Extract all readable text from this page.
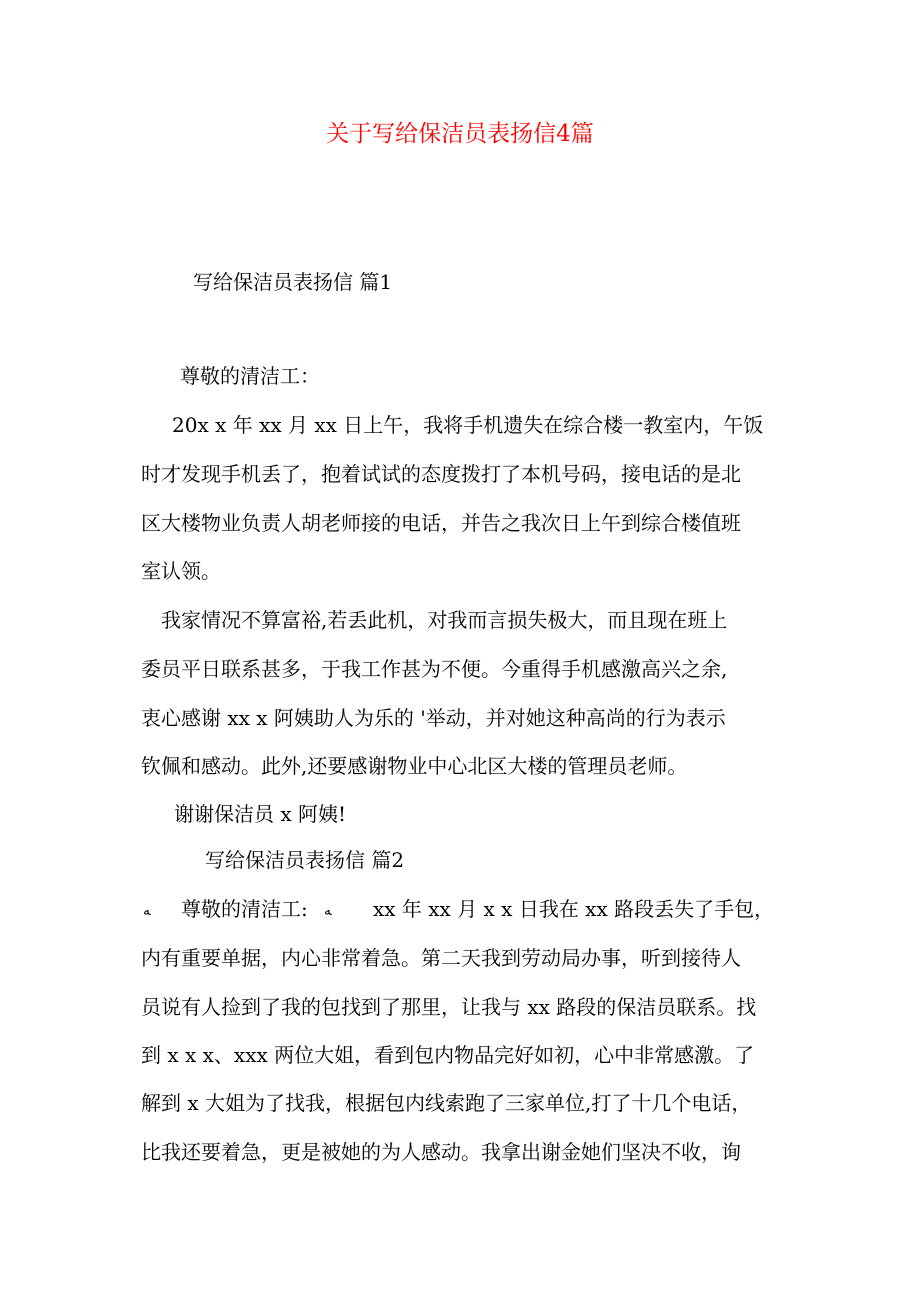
关于写给保洁员表扬信4篇
写给保洁员表扬信 篇1
尊敬的清洁工：
20x x 年 xx 月 xx 日上午，我将手机遗失在综合楼一教室内，午饭
时才发现手机丢了，抱着试试的态度拨打了本机号码，接电话的是北
区大楼物业负责人胡老师接的电话，并告之我次日上午到综合楼值班
室认领。
我家情况不算富裕,若丢此机，对我而言损失极大，而且现在班上
委员平日联系甚多，于我工作甚为不便。今重得手机感激高兴之余,
衷心感谢 xx x 阿姨助人为乐的 '举动，并对她这种高尚的行为表示
钦佩和感动。此外,还要感谢物业中心北区大楼的管理员老师。
谢谢保洁员 x 阿姨!
写给保洁员表扬信 篇2
ﻪ 尊敬的清洁工: ﻪ xx 年 xx 月 x x 日我在 xx 路段丢失了手包，
内有重要单据，内心非常着急。第二天我到劳动局办事，听到接待人
员说有人捡到了我的包找到了那里，让我与 xx 路段的保洁员联系。找
到 x x x、xxx 两位大姐，看到包内物品完好如初，心中非常感激。了
解到 x 大姐为了找我，根据包内线索跑了三家单位,打了十几个电话，
比我还要着急，更是被她的为人感动。我拿出谢金她们坚决不收，询
